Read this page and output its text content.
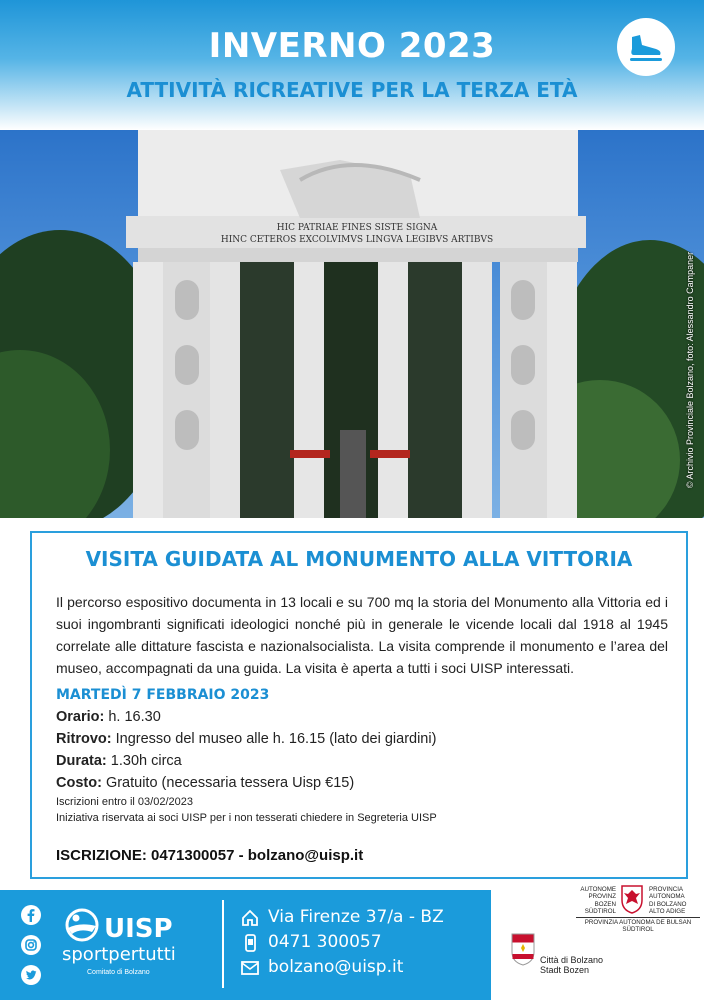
INVERNO 2023
ATTIVITÀ RICREATIVE PER LA TERZA ETÀ
HIC PATRIAE FINES SISTE SIGNA
HINC CETEROS EXCOLVIMVS LINGVA LEGIBVS ARTIBVS
© Archivio Provinciale Bolzano, foto: Alessandro Campaner
VISITA GUIDATA AL MONUMENTO ALLA VITTORIA
Il percorso espositivo documenta in 13 locali e su 700 mq la storia del Monumento alla Vittoria ed i suoi ingombranti significati ideologici nonché più in generale le vicende locali dal 1918 al 1945 correlate alle dittature fascista e nazionalsocialista. La visita comprende il monumento e l’area del museo, accompagnati da una guida. La visita è aperta a tutti i soci UISP interessati.
MARTEDÌ 7 FEBBRAIO 2023
Orario: h. 16.30
Ritrovo: Ingresso del museo alle h. 16.15 (lato dei giardini)
Durata: 1.30h circa
Costo: Gratuito (necessaria tessera Uisp €15)
Iscrizioni entro il 03/02/2023
Iniziativa riservata ai soci UISP per i non tesserati chiedere in Segreteria UISP
ISCRIZIONE: 0471300057 - bolzano@uisp.it
UISP
sportpertutti
Comitato di Bolzano
Via Firenze 37/a - BZ
0471 300057
bolzano@uisp.it
AUTONOME
PROVINZ
BOZEN
SÜDTIROL
PROVINCIA
AUTONOMA
DI BOLZANO
ALTO ADIGE
PROVINZIA AUTONOMA DE BULSAN
SÜDTIROL
Città di Bolzano
Stadt Bozen
